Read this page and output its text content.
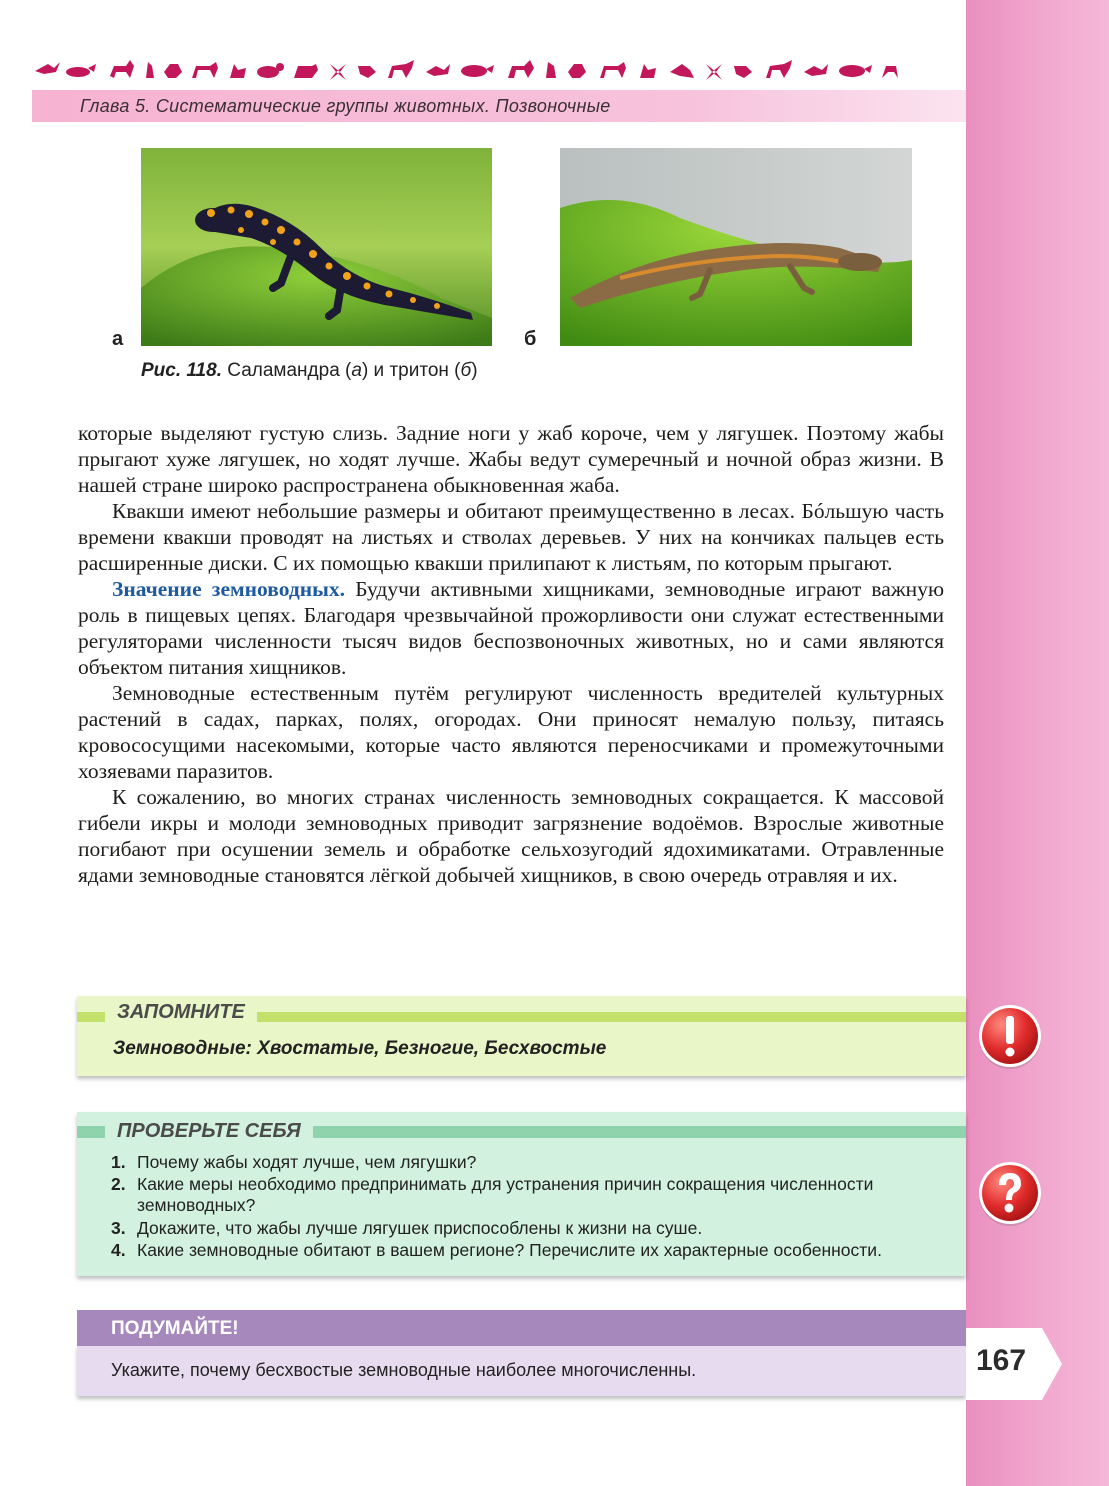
Глава 5. Систематические группы животных. Позвоночные
а	б
Рис. 118. Саламандра (а) и тритон (б)

которые выделяют густую слизь. Задние ноги у жаб короче, чем у лягушек. Поэтому жабы прыгают хуже лягушек, но ходят лучше. Жабы ведут сумеречный и ночной образ жизни. В нашей стране широко распространена обыкновенная жаба.

Квакши имеют небольшие размеры и обитают преимущественно в лесах. Бóльшую часть времени квакши проводят на листьях и стволах деревьев. У них на кончиках пальцев есть расширенные диски. С их помощью квакши прилипают к листьям, по которым прыгают.

Значение земноводных. Будучи активными хищниками, земноводные играют важную роль в пищевых цепях. Благодаря чрезвычайной прожорливости они служат естественными регуляторами численности тысяч видов беспозвоночных животных, но и сами являются объектом питания хищников.

Земноводные естественным путём регулируют численность вредителей культурных растений в садах, парках, полях, огородах. Они приносят немалую пользу, питаясь кровососущими насекомыми, которые часто являются переносчиками и промежуточными хозяевами паразитов.

К сожалению, во многих странах численность земноводных сокращается. К массовой гибели икры и молоди земноводных приводит загрязнение водоёмов. Взрослые животные погибают при осушении земель и обработке сельхозугодий ядохимикатами. Отравленные ядами земноводные становятся лёгкой добычей хищников, в свою очередь отравляя и их.

ЗАПОМНИТЕ
Земноводные: Хвостатые, Безногие, Бесхвостые
ПРОВЕРЬТЕ СЕБЯ
1. Почему жабы ходят лучше, чем лягушки?
2. Какие меры необходимо предпринимать для устранения причин сокращения численности земноводных?
3. Докажите, что жабы лучше лягушек приспособлены к жизни на суше.
4. Какие земноводные обитают в вашем регионе? Перечислите их характерные особенности.
ПОДУМАЙТЕ!
Укажите, почему бесхвостые земноводные наиболее многочисленны.	167
